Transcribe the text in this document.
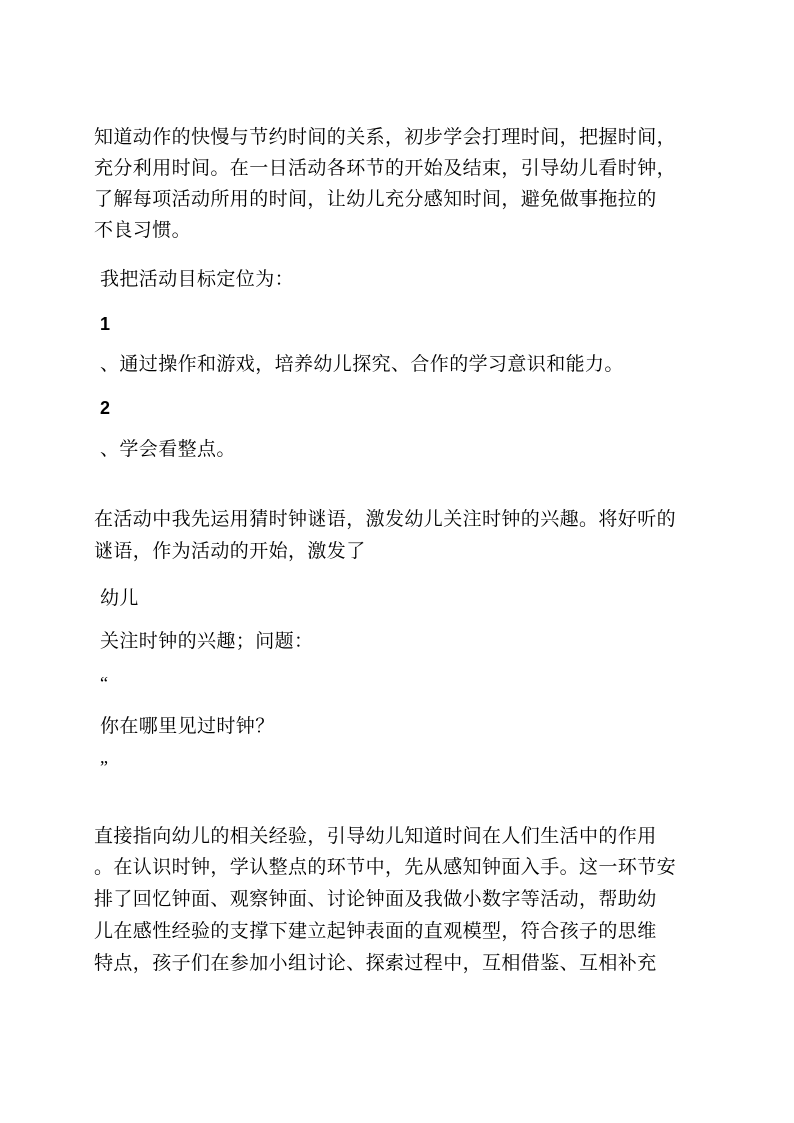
知道动作的快慢与节约时间的关系，初步学会打理时间，把握时间，
充分利用时间。在一日活动各环节的开始及结束，引导幼儿看时钟，
了解每项活动所用的时间，让幼儿充分感知时间，避免做事拖拉的
不良习惯。
我把活动目标定位为：
1
、通过操作和游戏，培养幼儿探究、合作的学习意识和能力。
2
、学会看整点。
在活动中我先运用猜时钟谜语，激发幼儿关注时钟的兴趣。将好听的
谜语，作为活动的开始，激发了
幼儿
关注时钟的兴趣；问题：
“
你在哪里见过时钟？
”
直接指向幼儿的相关经验，引导幼儿知道时间在人们生活中的作用
。在认识时钟，学认整点的环节中，先从感知钟面入手。这一环节安
排了回忆钟面、观察钟面、讨论钟面及我做小数字等活动，帮助幼
儿在感性经验的支撑下建立起钟表面的直观模型，符合孩子的思维
特点，孩子们在参加小组讨论、探索过程中，互相借鉴、互相补充
